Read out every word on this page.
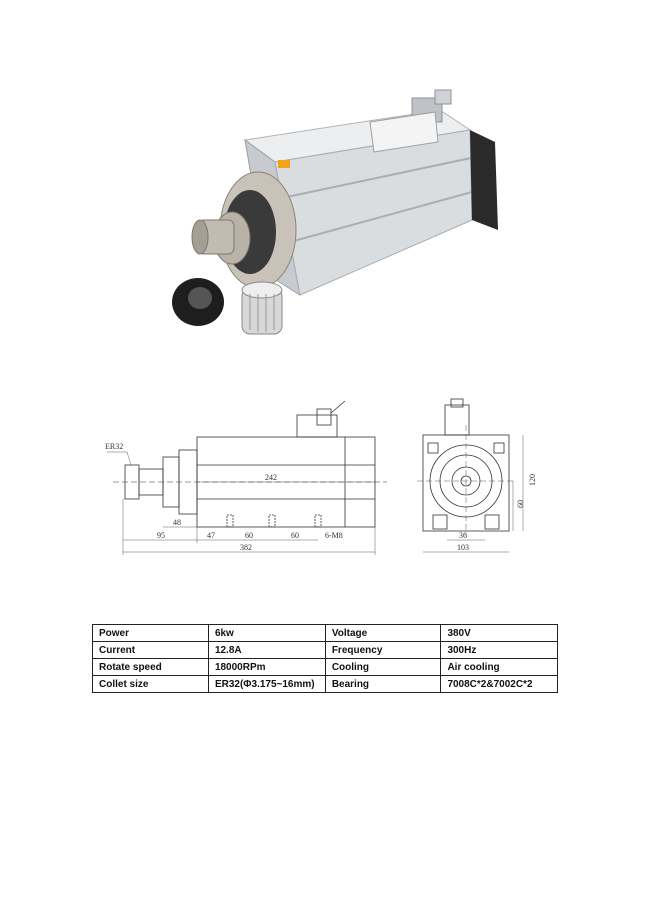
ER32
242
48
95	47	60	60	6-M8
382
120
60
36
103
Power	6kw	Voltage	380V
Current	12.8A	Frequency	300Hz
Rotate speed	18000RPm	Cooling	Air cooling
Collet size	ER32(Φ3.175~16mm)	Bearing	7008C*2&7002C*2
